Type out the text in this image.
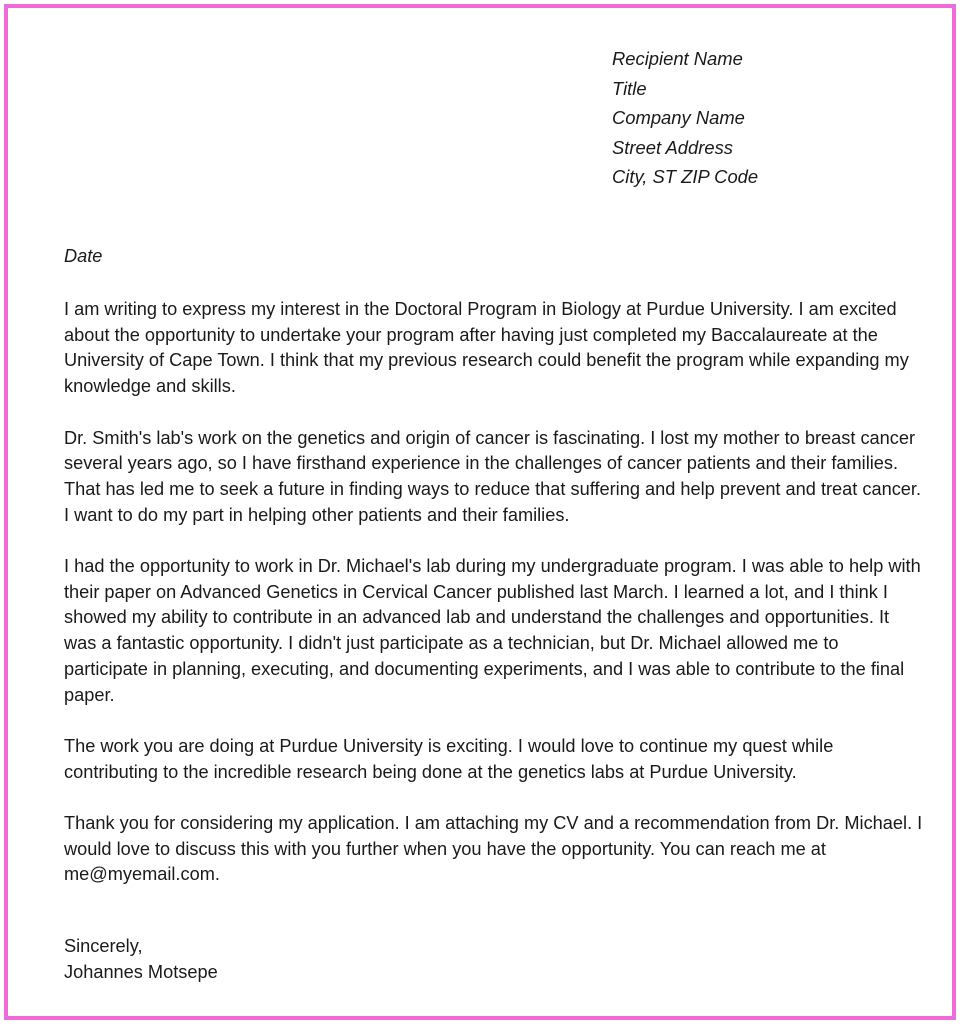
Recipient Name
Title
Company Name
Street Address
City, ST ZIP Code
Date

I am writing to express my interest in the Doctoral Program in Biology at Purdue University. I am excited about the opportunity to undertake your program after having just completed my Baccalaureate at the University of Cape Town. I think that my previous research could benefit the program while expanding my knowledge and skills.

Dr. Smith's lab's work on the genetics and origin of cancer is fascinating. I lost my mother to breast cancer several years ago, so I have firsthand experience in the challenges of cancer patients and their families. That has led me to seek a future in finding ways to reduce that suffering and help prevent and treat cancer. I want to do my part in helping other patients and their families.

I had the opportunity to work in Dr. Michael's lab during my undergraduate program. I was able to help with their paper on Advanced Genetics in Cervical Cancer published last March. I learned a lot, and I think I showed my ability to contribute in an advanced lab and understand the challenges and opportunities. It was a fantastic opportunity. I didn't just participate as a technician, but Dr. Michael allowed me to participate in planning, executing, and documenting experiments, and I was able to contribute to the final paper.

The work you are doing at Purdue University is exciting. I would love to continue my quest while contributing to the incredible research being done at the genetics labs at Purdue University.

Thank you for considering my application. I am attaching my CV and a recommendation from Dr. Michael. I would love to discuss this with you further when you have the opportunity. You can reach me at me@myemail.com.

Sincerely,
Johannes Motsepe
